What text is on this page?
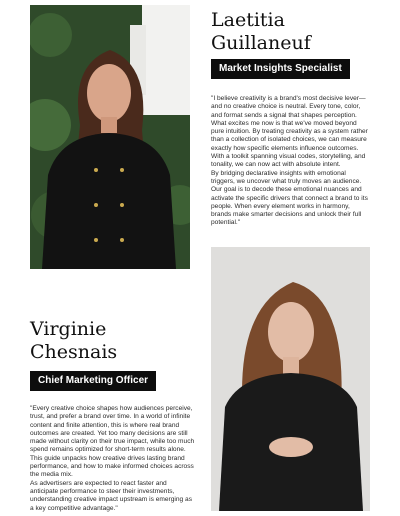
Laetitia
Guillaneuf
Market Insights Specialist

"I believe creativity is a brand's most decisive lever—and no creative choice is neutral. Every tone, color, and format sends a signal that shapes perception.

What excites me now is that we've moved beyond pure intuition. By treating creativity as a system rather than a collection of isolated choices, we can measure exactly how specific elements influence outcomes. With a toolkit spanning visual codes, storytelling, and tonality, we can now act with absolute intent.

By bridging declarative insights with emotional triggers, we uncover what truly moves an audience. Our goal is to decode these emotional nuances and activate the specific drivers that connect a brand to its people. When every element works in harmony, brands make smarter decisions and unlock their full potential."

Virginie
Chesnais
Chief Marketing Officer

"Every creative choice shapes how audiences perceive, trust, and prefer a brand over time. In a world of infinite content and finite attention, this is where real brand outcomes are created. Yet too many decisions are still made without clarity on their true impact, while too much spend remains optimized for short-term results alone. This guide unpacks how creative drives lasting brand performance, and how to make informed choices across the media mix.

As advertisers are expected to react faster and anticipate performance to steer their investments, understanding creative impact upstream is emerging as a key competitive advantage."
